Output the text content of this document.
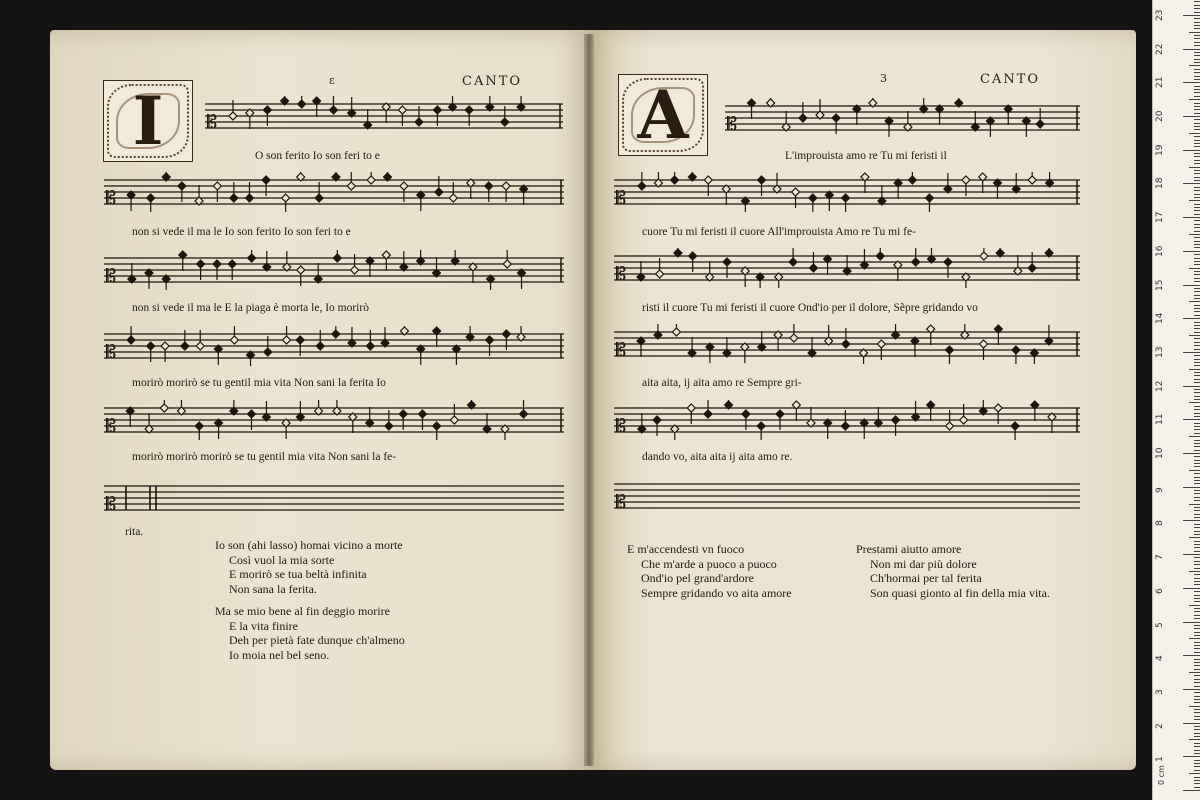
ε	CANTO
I
3	CANTO
A
𝄡
𝄡
𝄡
𝄡
𝄡
𝄡
𝄡
𝄡
𝄡
𝄡
𝄡
𝄡
O son ferito Io son feri to e
non si vede il ma le Io son ferito Io son feri to e
non si vede il ma le E la piaga è morta le, Io morirò
morirò morirò se tu gentil mia vita Non sani la ferita Io
morirò morirò morirò se tu gentil mia vita Non sani la fe-
rita.
L'improuista amo re Tu mi feristi il
cuore Tu mi feristi il cuore All'improuista Amo re Tu mi fe-
risti il cuore Tu mi feristi il cuore Ond'io per il dolore, Sẽpre gridando vo
aita aita, ij aita amo re Sempre gri-
dando vo, aita aita ij aita amo re.
Io son (ahi lasso) homai vicino a morte
Così vuol la mia sorte
E morirò se tua beltà infinita
Non sana la ferita.
Ma se mio bene al fin deggio morire
E la vita finire
Deh per pietà fate dunque ch'almeno
Io moia nel bel seno.
E m'accendesti vn fuoco
Che m'arde a puoco a puoco
Ond'io pel grand'ardore
Sempre gridando vo aita amore
Prestami aiutto amore
Non mi dar più dolore
Ch'hormai per tal ferita
Son quasi gionto al fin della mia vita.
0 cm
1
2
3
4
5
6
7
8
9
10
11
12
13
14
15
16
17
18
19
20
21
22
23
